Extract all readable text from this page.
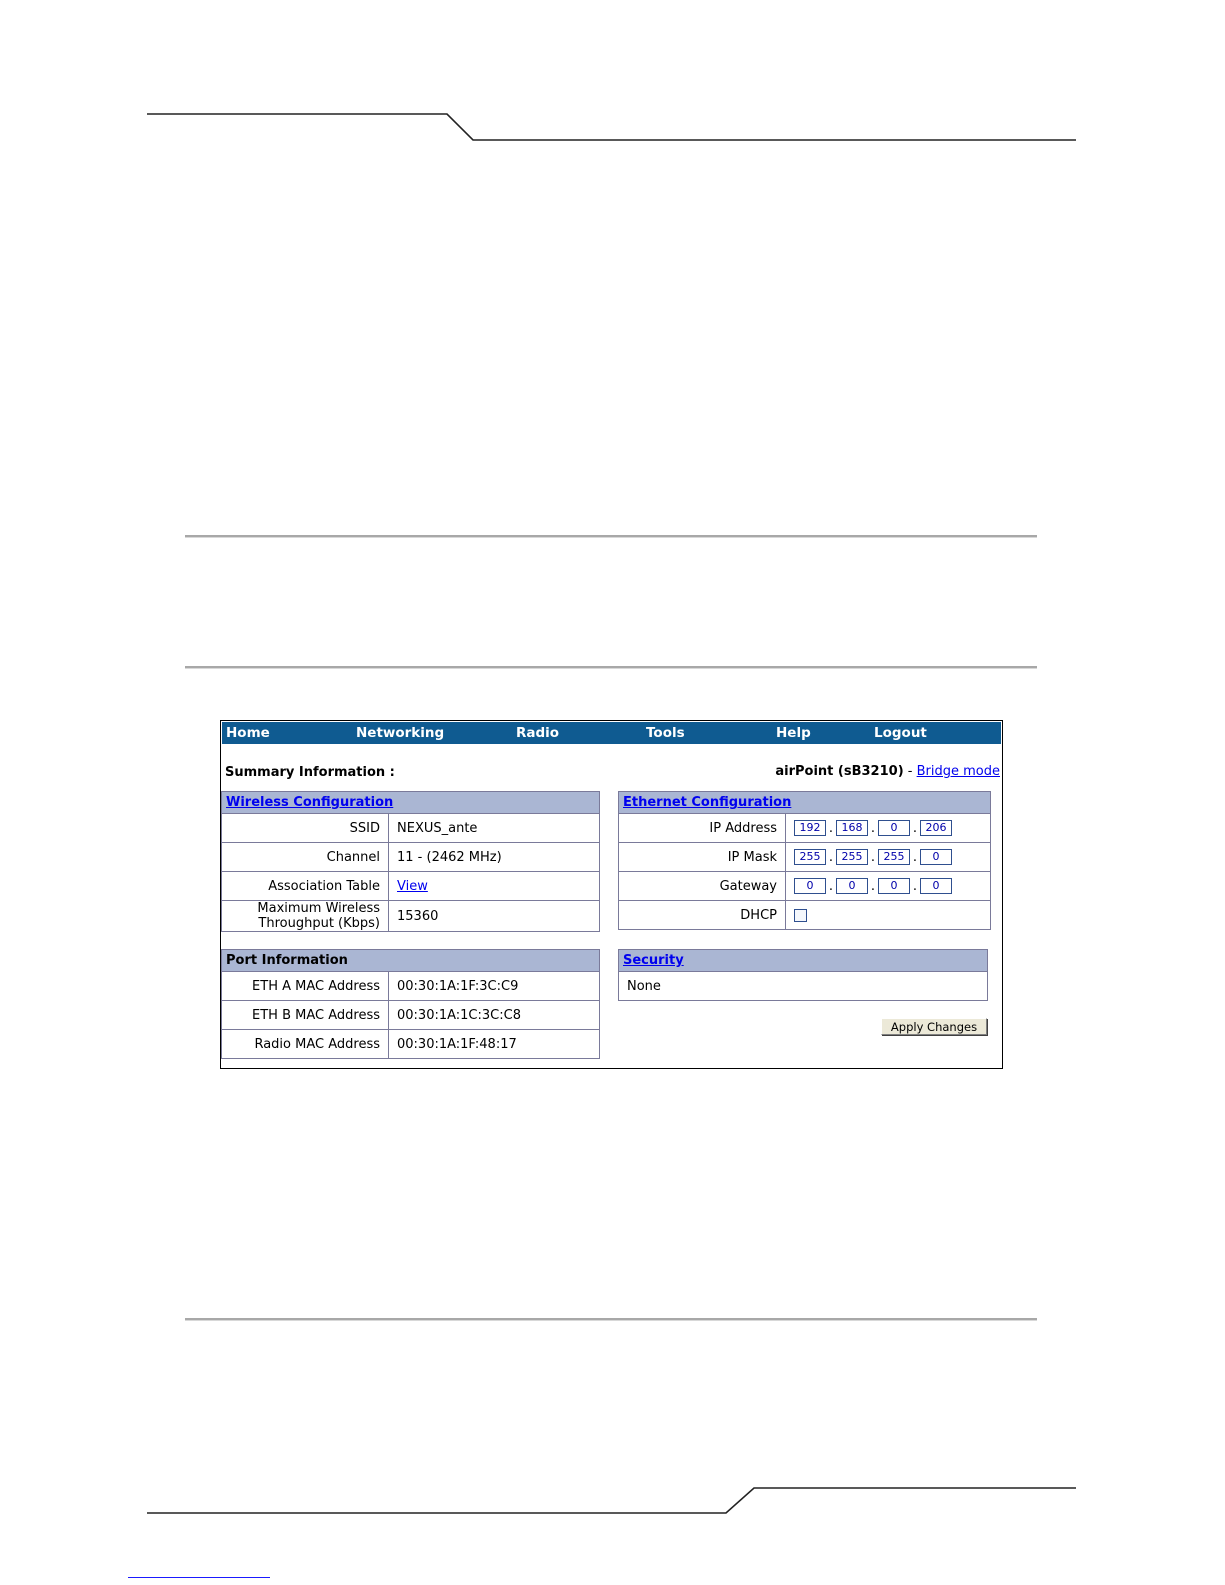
Home	Networking	Radio	Tools	Help	Logout
Summary Information :	airPoint (sB3210) - Bridge mode
Wireless Configuration	
SSID	NEXUS_ante
Channel	11 - (2462 MHz)
Association Table	View
Maximum Wireless
Throughput (Kbps)	15360
Port Information	
ETH A MAC Address	00:30:1A:1F:3C:C9
ETH B MAC Address	00:30:1A:1C:3C:C8
Radio MAC Address	00:30:1A:1F:48:17
Ethernet Configuration	
IP Address	192 . 168 . 0 . 206
IP Mask	255 . 255 . 255 . 0
Gateway	0 . 0 . 0 . 0
DHCP	
Security
None
Apply Changes
